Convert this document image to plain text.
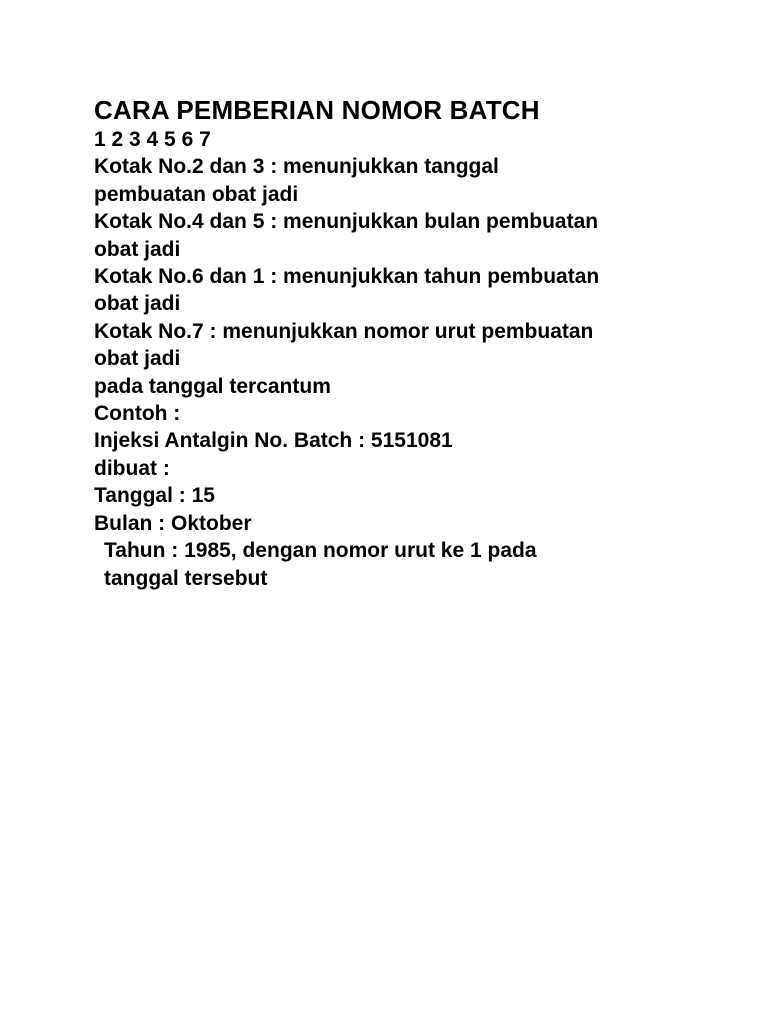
CARA PEMBERIAN NOMOR BATCH
1 2 3 4 5 6 7
Kotak No.2 dan 3 : menunjukkan tanggal
pembuatan obat jadi
Kotak No.4 dan 5 : menunjukkan bulan pembuatan
obat jadi
Kotak No.6 dan 1 : menunjukkan tahun pembuatan
obat jadi
Kotak No.7 : menunjukkan nomor urut pembuatan
obat jadi
pada tanggal tercantum
Contoh :
Injeksi Antalgin No. Batch : 5151081
dibuat :
Tanggal : 15
Bulan : Oktober
Tahun : 1985, dengan nomor urut ke 1 pada
tanggal tersebut
